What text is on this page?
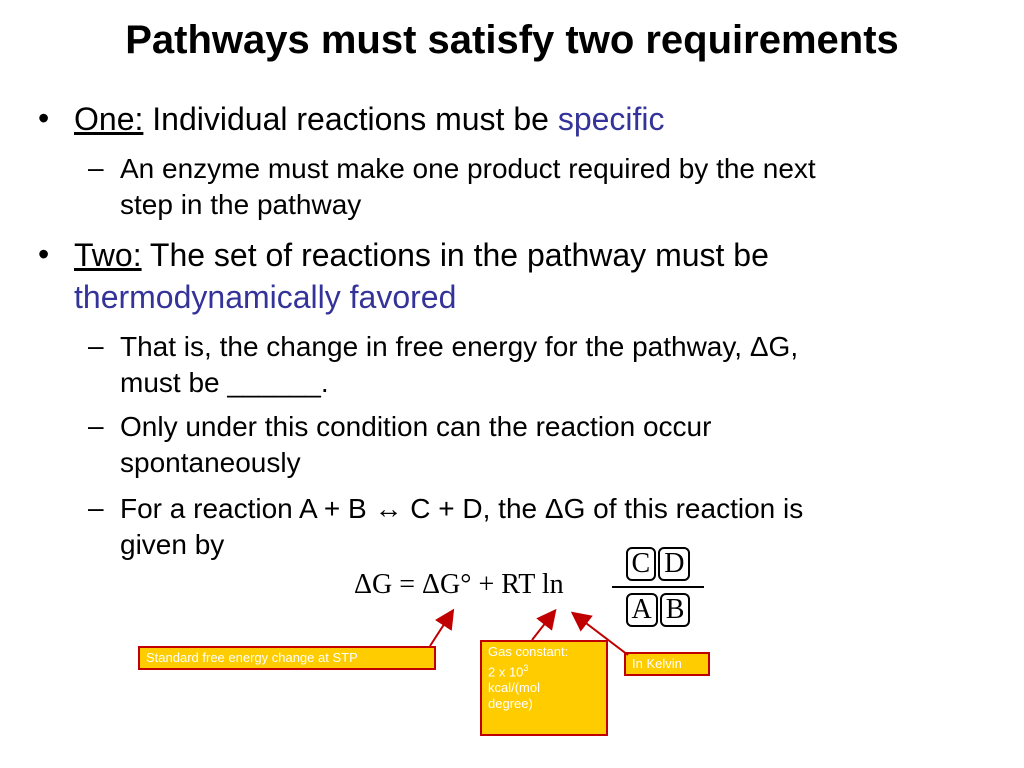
Pathways must satisfy two requirements
• One: Individual reactions must be specific
– An enzyme must make one product required by the next
step in the pathway
• Two: The set of reactions in the pathway must be
thermodynamically favored
– That is, the change in free energy for the pathway, ΔG,
must be ______.
– Only under this condition can the reaction occur
spontaneously
– For a reaction A + B ↔ C + D, the ΔG of this reaction is
given by
ΔG = ΔG° + RT ln
C D
A B
Standard free energy change at STP	Gas constant:
2 x $10^3$
kcal/(mol
degree)
In Kelvin
